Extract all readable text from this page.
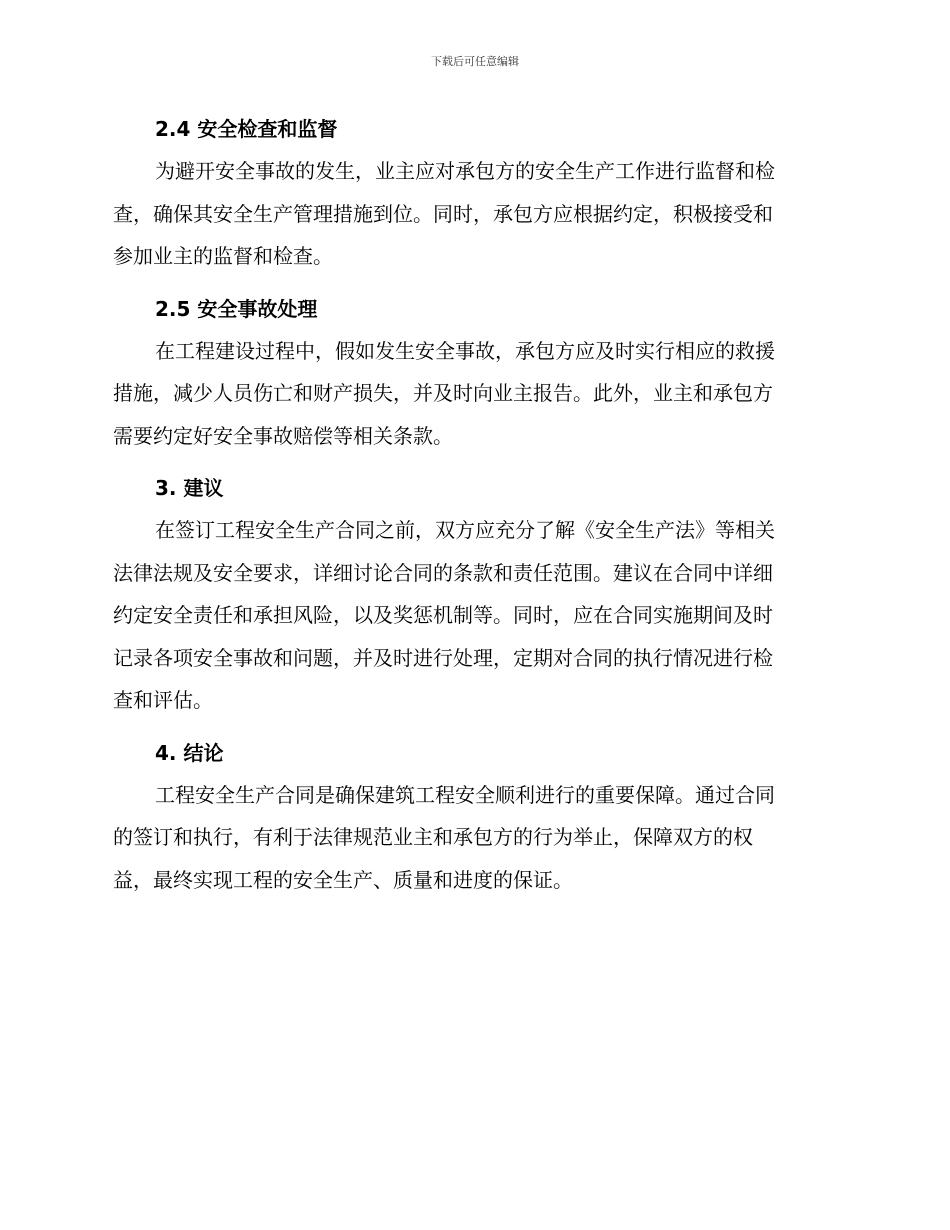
下载后可任意编辑
2.4 安全检查和监督

为避开安全事故的发生，业主应对承包方的安全生产工作进行监督和检
查，确保其安全生产管理措施到位。同时，承包方应根据约定，积极接受和
参加业主的监督和检查。

2.5 安全事故处理

在工程建设过程中，假如发生安全事故，承包方应及时实行相应的救援
措施，减少人员伤亡和财产损失，并及时向业主报告。此外，业主和承包方
需要约定好安全事故赔偿等相关条款。

3. 建议

在签订工程安全生产合同之前，双方应充分了解《安全生产法》等相关
法律法规及安全要求，详细讨论合同的条款和责任范围。建议在合同中详细
约定安全责任和承担风险，以及奖惩机制等。同时，应在合同实施期间及时
记录各项安全事故和问题，并及时进行处理，定期对合同的执行情况进行检
查和评估。

4. 结论

工程安全生产合同是确保建筑工程安全顺利进行的重要保障。通过合同
的签订和执行，有利于法律规范业主和承包方的行为举止，保障双方的权
益，最终实现工程的安全生产、质量和进度的保证。
